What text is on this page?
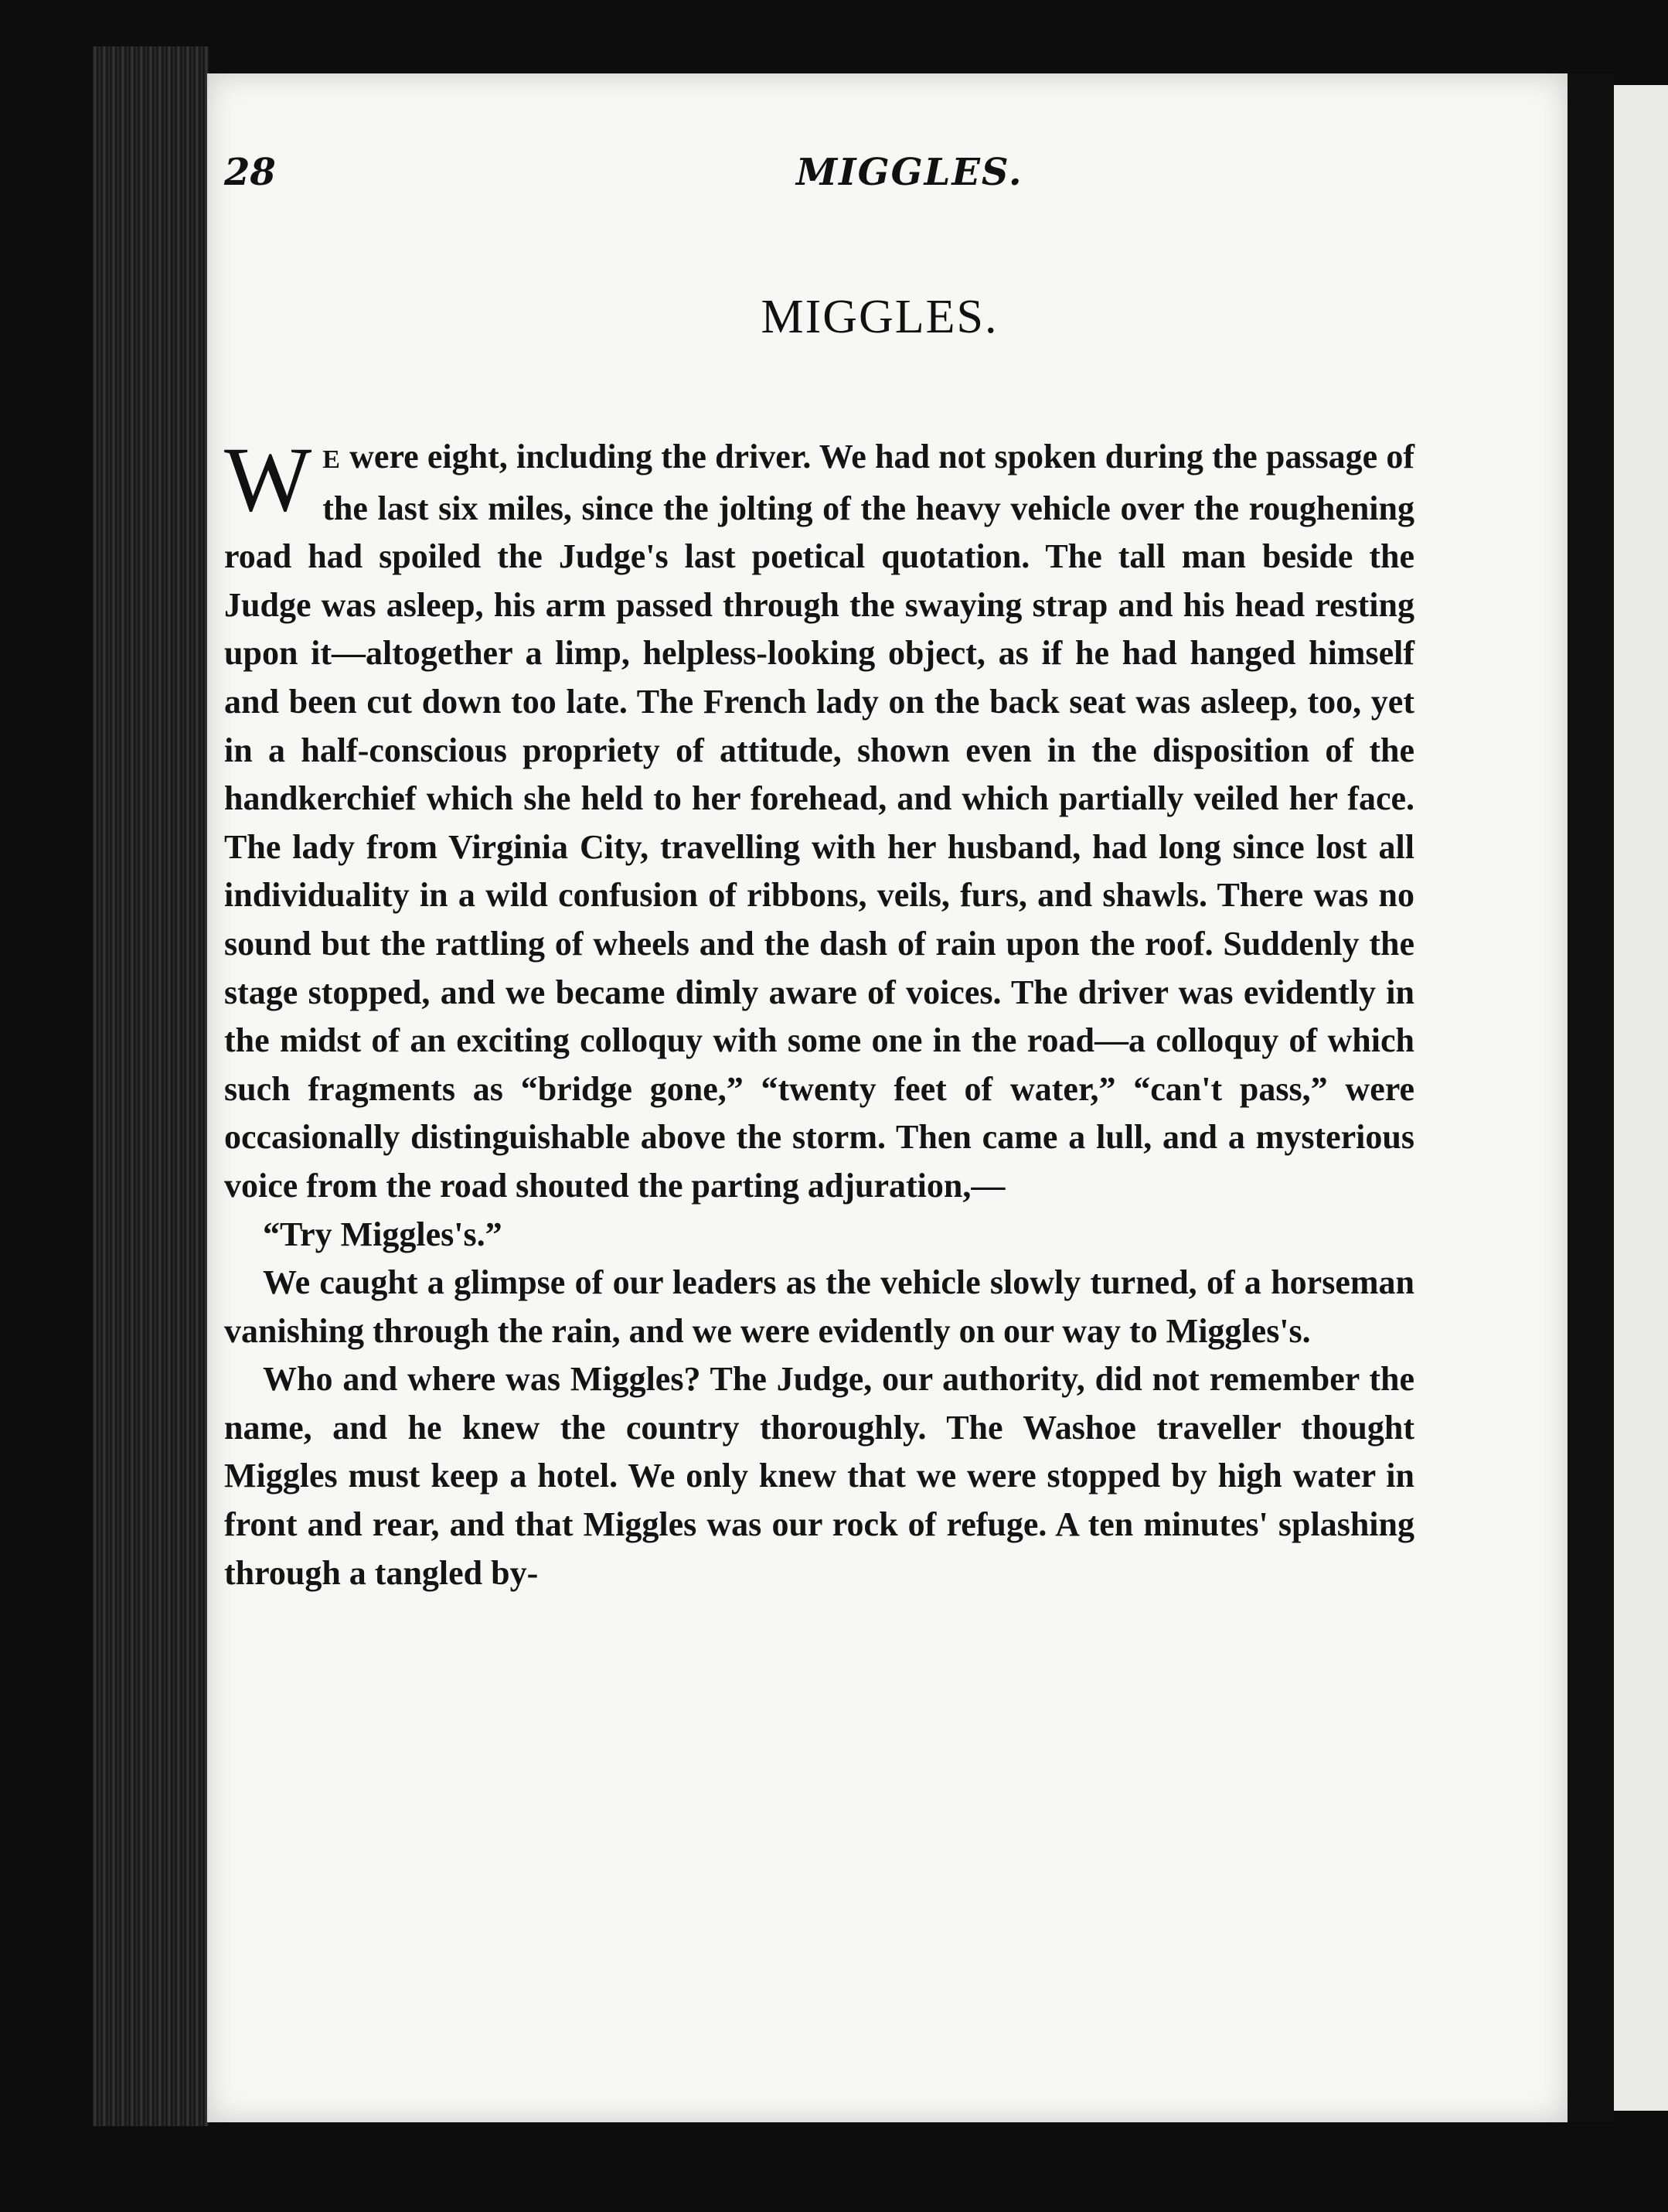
28	MIGGLES.
MIGGLES.

W E were eight, including the driver. We had not spoken during the passage of the last six miles, since the jolting of the heavy vehicle over the roughening road had spoiled the Judge's last poetical quotation. The tall man beside the Judge was asleep, his arm passed through the swaying strap and his head resting upon it—altogether a limp, helpless-looking object, as if he had hanged himself and been cut down too late. The French lady on the back seat was asleep, too, yet in a half-conscious propriety of attitude, shown even in the disposition of the handkerchief which she held to her forehead, and which partially veiled her face. The lady from Virginia City, travelling with her husband, had long since lost all individuality in a wild confusion of ribbons, veils, furs, and shawls. There was no sound but the rattling of wheels and the dash of rain upon the roof. Suddenly the stage stopped, and we became dimly aware of voices. The driver was evidently in the midst of an exciting colloquy with some one in the road—a colloquy of which such fragments as “bridge gone,” “twenty feet of water,” “can't pass,” were occasionally distinguishable above the storm. Then came a lull, and a mysterious voice from the road shouted the parting adjuration,—

“Try Miggles's.”

We caught a glimpse of our leaders as the vehicle slowly turned, of a horseman vanishing through the rain, and we were evidently on our way to Miggles's.

Who and where was Miggles? The Judge, our authority, did not remember the name, and he knew the country thoroughly. The Washoe traveller thought Miggles must keep a hotel. We only knew that we were stopped by high water in front and rear, and that Miggles was our rock of refuge. A ten minutes' splashing through a tangled by-
